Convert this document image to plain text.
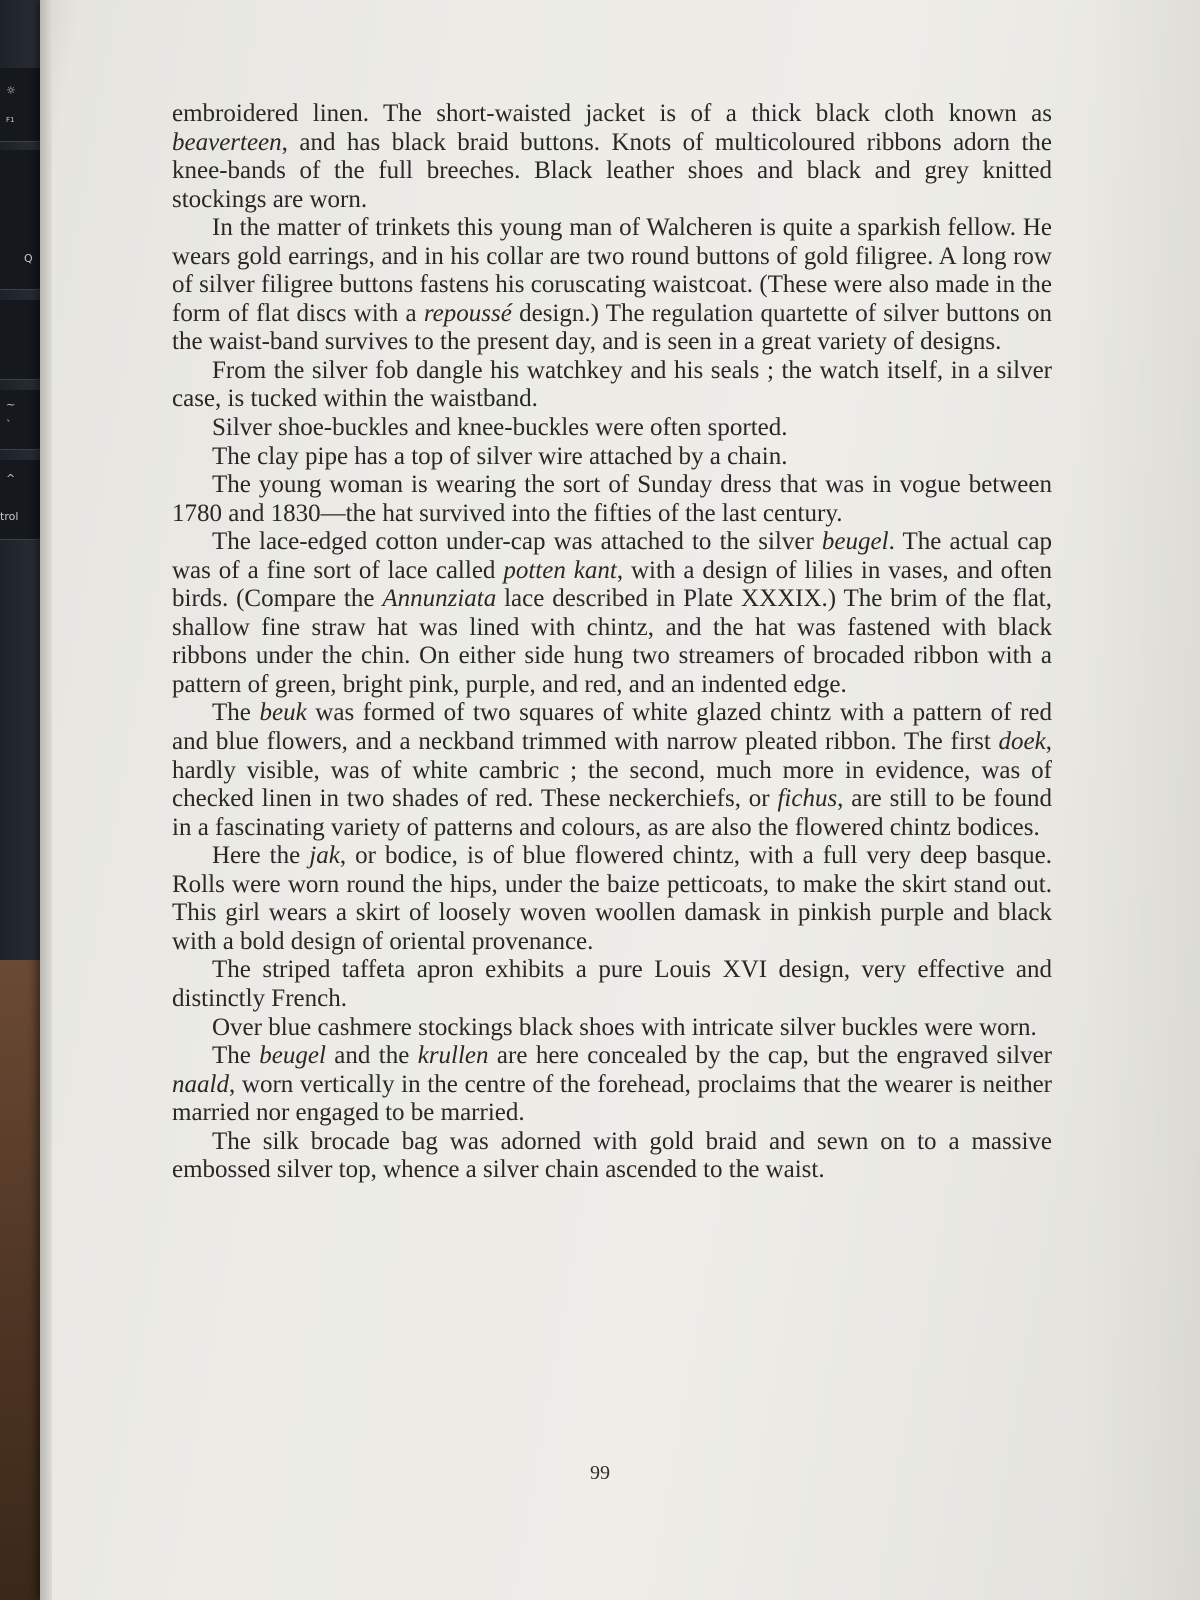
☼
F1
Q
~
`
^
trol

embroidered linen. The short-waisted jacket is of a thick black cloth known as beaverteen, and has black braid buttons. Knots of multicoloured ribbons adorn the knee-bands of the full breeches. Black leather shoes and black and grey knitted stockings are worn.

In the matter of trinkets this young man of Walcheren is quite a sparkish fellow. He wears gold earrings, and in his collar are two round buttons of gold filigree. A long row of silver filigree buttons fastens his coruscating waistcoat. (These were also made in the form of flat discs with a repoussé design.) The regulation quartette of silver buttons on the waist-band survives to the present day, and is seen in a great variety of designs.

From the silver fob dangle his watchkey and his seals ; the watch itself, in a silver case, is tucked within the waistband.

Silver shoe-buckles and knee-buckles were often sported.

The clay pipe has a top of silver wire attached by a chain.

The young woman is wearing the sort of Sunday dress that was in vogue between 1780 and 1830—the hat survived into the fifties of the last century.

The lace-edged cotton under-cap was attached to the silver beugel. The actual cap was of a fine sort of lace called potten kant, with a design of lilies in vases, and often birds. (Compare the Annunziata lace described in Plate XXXIX.) The brim of the flat, shallow fine straw hat was lined with chintz, and the hat was fastened with black ribbons under the chin. On either side hung two streamers of brocaded ribbon with a pattern of green, bright pink, purple, and red, and an indented edge.

The beuk was formed of two squares of white glazed chintz with a pattern of red and blue flowers, and a neckband trimmed with narrow pleated ribbon. The first doek, hardly visible, was of white cambric ; the second, much more in evidence, was of checked linen in two shades of red. These neckerchiefs, or fichus, are still to be found in a fascinating variety of patterns and colours, as are also the flowered chintz bodices.

Here the jak, or bodice, is of blue flowered chintz, with a full very deep basque. Rolls were worn round the hips, under the baize petticoats, to make the skirt stand out. This girl wears a skirt of loosely woven woollen damask in pinkish purple and black with a bold design of oriental provenance.

The striped taffeta apron exhibits a pure Louis XVI design, very effective and distinctly French.

Over blue cashmere stockings black shoes with intricate silver buckles were worn.

The beugel and the krullen are here concealed by the cap, but the engraved silver naald, worn vertically in the centre of the forehead, proclaims that the wearer is neither married nor engaged to be married.

The silk brocade bag was adorned with gold braid and sewn on to a massive embossed silver top, whence a silver chain ascended to the waist.

99
